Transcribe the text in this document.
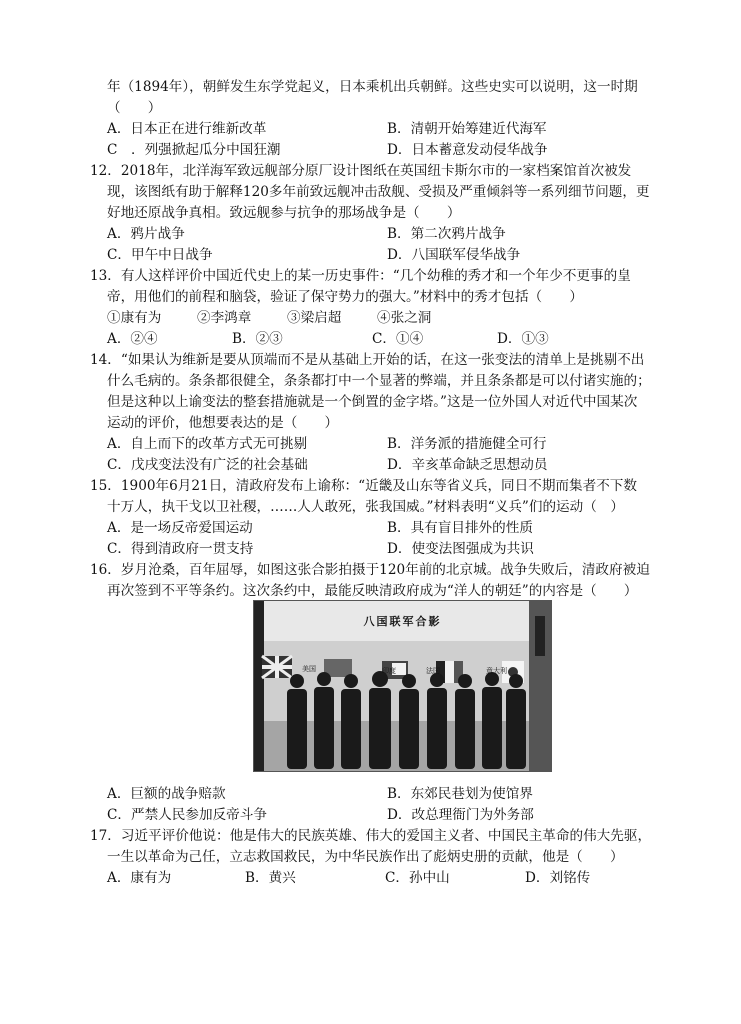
年（1894年），朝鲜发生东学党起义，日本乘机出兵朝鲜。这些史实可以说明，这一时期
（　　）
A．日本正在进行维新改革	B．清朝开始筹建近代海军
C　．列强掀起瓜分中国狂潮	D．日本蓄意发动侵华战争
12．2018年，北洋海军致远舰部分原厂设计图纸在英国纽卡斯尔市的一家档案馆首次被发
现，该图纸有助于解释120多年前致远舰冲击敌舰、受损及严重倾斜等一系列细节问题，更
好地还原战争真相。致远舰参与抗争的那场战争是（　　）
A．鸦片战争	B．第二次鸦片战争
C．甲午中日战争	D．八国联军侵华战争
13．有人这样评价中国近代史上的某一历史事件：“几个幼稚的秀才和一个年少不更事的皇
帝，用他们的前程和脑袋，验证了保守势力的强大。”材料中的秀才包括（　　）
①康有为	②李鸿章	③梁启超	④张之洞
A．②④	B．②③	C．①④	D．①③
14．“如果认为维新是要从顶端而不是从基础上开始的话，在这一张变法的清单上是挑剔不出
什么毛病的。条条都很健全，条条都打中一个显著的弊端，并且条条都是可以付诸实施的；
但是这种以上谕变法的整套措施就是一个倒置的金字塔。”这是一位外国人对近代中国某次
运动的评价，他想要表达的是（　　）
A．自上而下的改革方式无可挑剔	B．洋务派的措施健全可行
C．戊戌变法没有广泛的社会基础	D．辛亥革命缺乏思想动员
15．1900年6月21日，清政府发布上谕称：“近畿及山东等省义兵，同日不期而集者不下数
十万人，执干戈以卫社稷，……人人敢死，张我国威。”材料表明“义兵”们的运动（　）
A．是一场反帝爱国运动	B．具有盲目排外的性质
C．得到清政府一贯支持	D．使变法图强成为共识
16．岁月沧桑，百年屈辱，如图这张合影拍摄于120年前的北京城。战争失败后，清政府被迫
再次签到不平等条约。这次条约中，最能反映清政府成为“洋人的朝廷”的内容是（　　）
美国	印度	法国	意大利
八国联军合影
A．巨额的战争赔款	B．东郊民巷划为使馆界
C．严禁人民参加反帝斗争	D．改总理衙门为外务部
17．习近平评价他说：他是伟大的民族英雄、伟大的爱国主义者、中国民主革命的伟大先驱，
一生以革命为己任，立志救国救民，为中华民族作出了彪炳史册的贡献，他是（　　）
A．康有为	B．黄兴	C．孙中山	D．刘铭传
